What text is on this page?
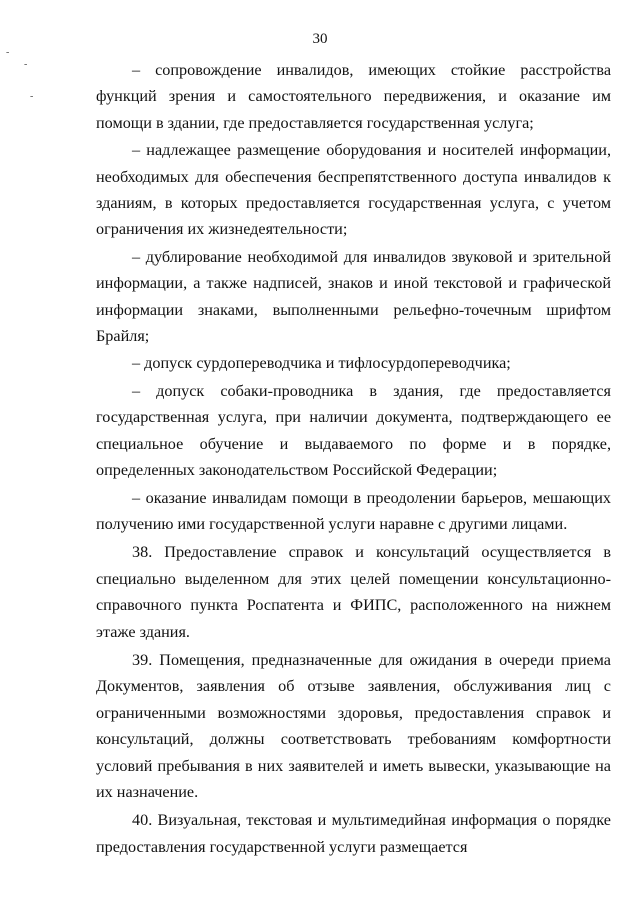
30
-
-
-

– сопровождение инвалидов, имеющих стойкие расстройства функций зрения и самостоятельного передвижения, и оказание им помощи в здании, где предоставляется государственная услуга;

– надлежащее размещение оборудования и носителей информации, необходимых для обеспечения беспрепятственного доступа инвалидов к зданиям, в которых предоставляется государственная услуга, с учетом ограничения их жизнедеятельности;

– дублирование необходимой для инвалидов звуковой и зрительной информации, а также надписей, знаков и иной текстовой и графической информации знаками, выполненными рельефно-точечным шрифтом Брайля;

– допуск сурдопереводчика и тифлосурдопереводчика;

– допуск собаки-проводника в здания, где предоставляется государственная услуга, при наличии документа, подтверждающего ее специальное обучение и выдаваемого по форме и в порядке, определенных законодательством Российской Федерации;

– оказание инвалидам помощи в преодолении барьеров, мешающих получению ими государственной услуги наравне с другими лицами.

38. Предоставление справок и консультаций осуществляется в специально выделенном для этих целей помещении консультационно-справочного пункта Роспатента и ФИПС, расположенного на нижнем этаже здания.

39. Помещения, предназначенные для ожидания в очереди приема Документов, заявления об отзыве заявления, обслуживания лиц с ограниченными возможностями здоровья, предоставления справок и консультаций, должны соответствовать требованиям комфортности условий пребывания в них заявителей и иметь вывески, указывающие на их назначение.

40. Визуальная, текстовая и мультимедийная информация о порядке предоставления государственной услуги размещается
